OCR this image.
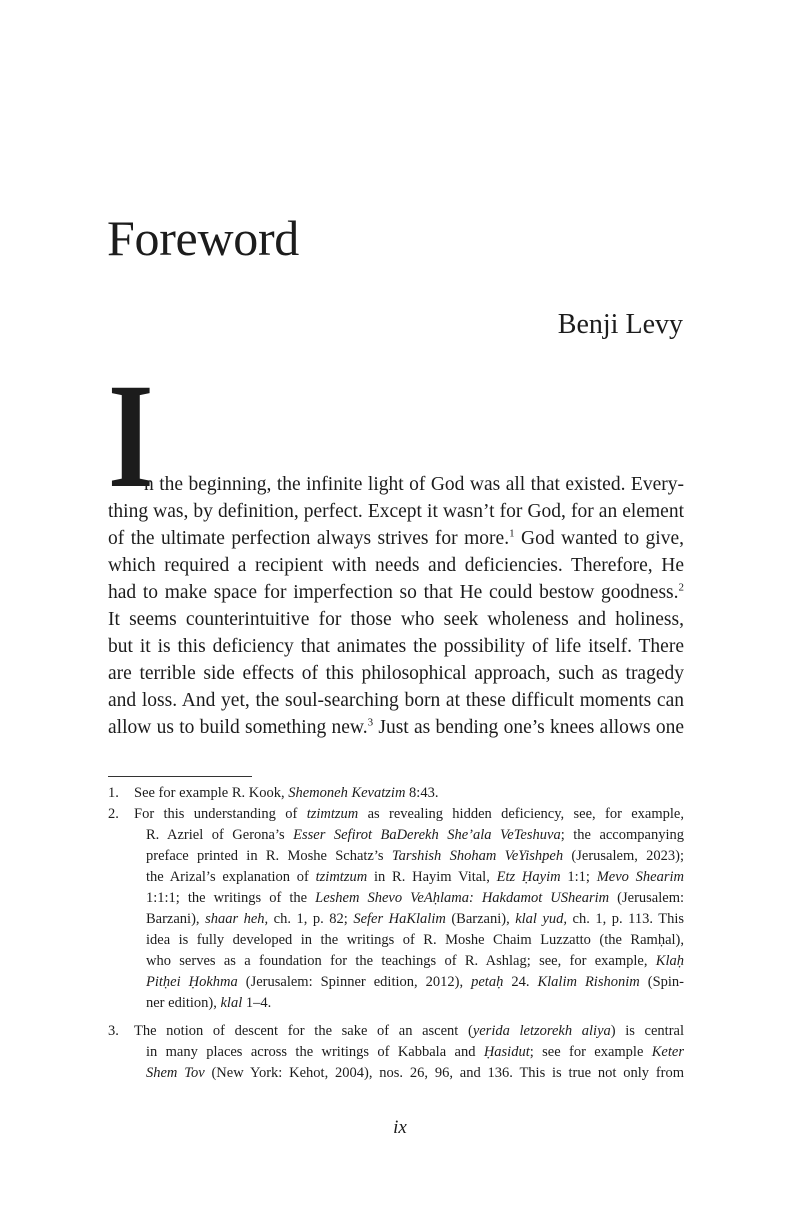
Foreword
Benji Levy
I
n the beginning, the infinite light of God was all that existed. Every-
thing was, by definition, perfect. Except it wasn’t for God, for an element
of the ultimate perfection always strives for more.$^1$ God wanted to give,
which required a recipient with needs and deficiencies. Therefore, He
had to make space for imperfection so that He could bestow goodness.$^2$
It seems counterintuitive for those who seek wholeness and holiness,
but it is this deficiency that animates the possibility of life itself. There
are terrible side effects of this philosophical approach, such as tragedy
and loss. And yet, the soul-searching born at these difficult moments can
allow us to build something new.$^3$ Just as bending one’s knees allows one
1.	See for example R. Kook, Shemoneh Kevatzim 8:43.
2.	For this understanding of tzimtzum as revealing hidden deficiency, see, for example,
R. Azriel of Gerona’s Esser Sefirot BaDerekh She’ala VeTeshuva; the accompanying
preface printed in R. Moshe Schatz’s Tarshish Shoham VeYishpeh (Jerusalem, 2023);
the Arizal’s explanation of tzimtzum in R. Hayim Vital, Etz Ḥayim 1:1; Mevo Shearim
1:1:1; the writings of the Leshem Shevo VeAḥlama: Hakdamot UShearim (Jerusalem:
Barzani), shaar heh, ch. 1, p. 82; Sefer HaKlalim (Barzani), klal yud, ch. 1, p. 113. This
idea is fully developed in the writings of R. Moshe Chaim Luzzatto (the Ramḥal),
who serves as a foundation for the teachings of R. Ashlag; see, for example, Klaḥ
Pitḥei Ḥokhma (Jerusalem: Spinner edition, 2012), petaḥ 24. Klalim Rishonim (Spin-
ner edition), klal 1–4.
3.	The notion of descent for the sake of an ascent (yerida letzorekh aliya) is central
in many places across the writings of Kabbala and Ḥasidut; see for example Keter
Shem Tov (New York: Kehot, 2004), nos. 26, 96, and 136. This is true not only from
ix
